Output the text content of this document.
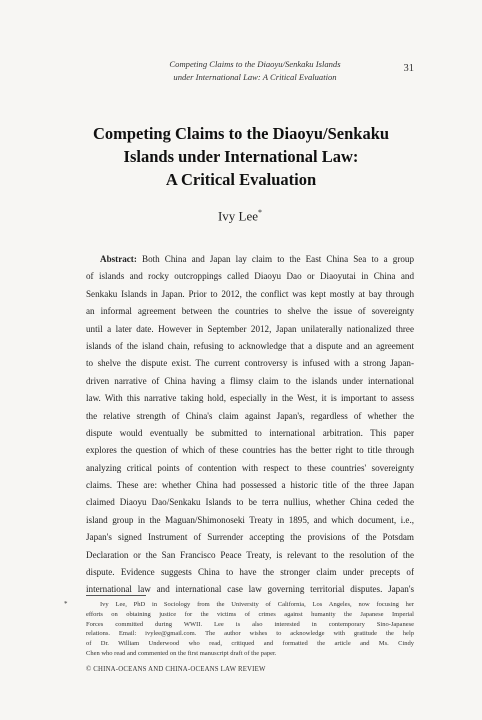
Competing Claims to the Diaoyu/Senkaku Islands
under International Law: A Critical Evaluation
31
Competing Claims to the Diaoyu/Senkaku
Islands under International Law:
A Critical Evaluation
Ivy Lee*
Abstract: Both China and Japan lay claim to the East China Sea to a group
of islands and rocky outcroppings called Diaoyu Dao or Diaoyutai in China and
Senkaku Islands in Japan. Prior to 2012, the conflict was kept mostly at bay through
an informal agreement between the countries to shelve the issue of sovereignty
until a later date. However in September 2012, Japan unilaterally nationalized three
islands of the island chain, refusing to acknowledge that a dispute and an agreement
to shelve the dispute exist. The current controversy is infused with a strong Japan-
driven narrative of China having a flimsy claim to the islands under international
law. With this narrative taking hold, especially in the West, it is important to assess
the relative strength of China's claim against Japan's, regardless of whether the
dispute would eventually be submitted to international arbitration. This paper
explores the question of which of these countries has the better right to title through
analyzing critical points of contention with respect to these countries' sovereignty
claims. These are: whether China had possessed a historic title of the three Japan
claimed Diaoyu Dao/Senkaku Islands to be terra nullius, whether China ceded the
island group in the Maguan/Shimonoseki Treaty in 1895, and which document, i.e.,
Japan's signed Instrument of Surrender accepting the provisions of the Potsdam
Declaration or the San Francisco Peace Treaty, is relevant to the resolution of the
dispute. Evidence suggests China to have the stronger claim under precepts of
international law and international case law governing territorial disputes. Japan's
*	Ivy Lee, PhD in Sociology from the University of California, Los Angeles, now focusing her
efforts on obtaining justice for the victims of crimes against humanity the Japanese Imperial
Forces committed during WWII. Lee is also interested in contemporary Sino-Japanese
relations. Email: ivylee@gmail.com. The author wishes to acknowledge with gratitude the help
of Dr. William Underwood who read, critiqued and formatted the article and Ms. Cindy
Chen who read and commented on the first manuscript draft of the paper.
© CHINA-OCEANS AND CHINA-OCEANS LAW REVIEW
